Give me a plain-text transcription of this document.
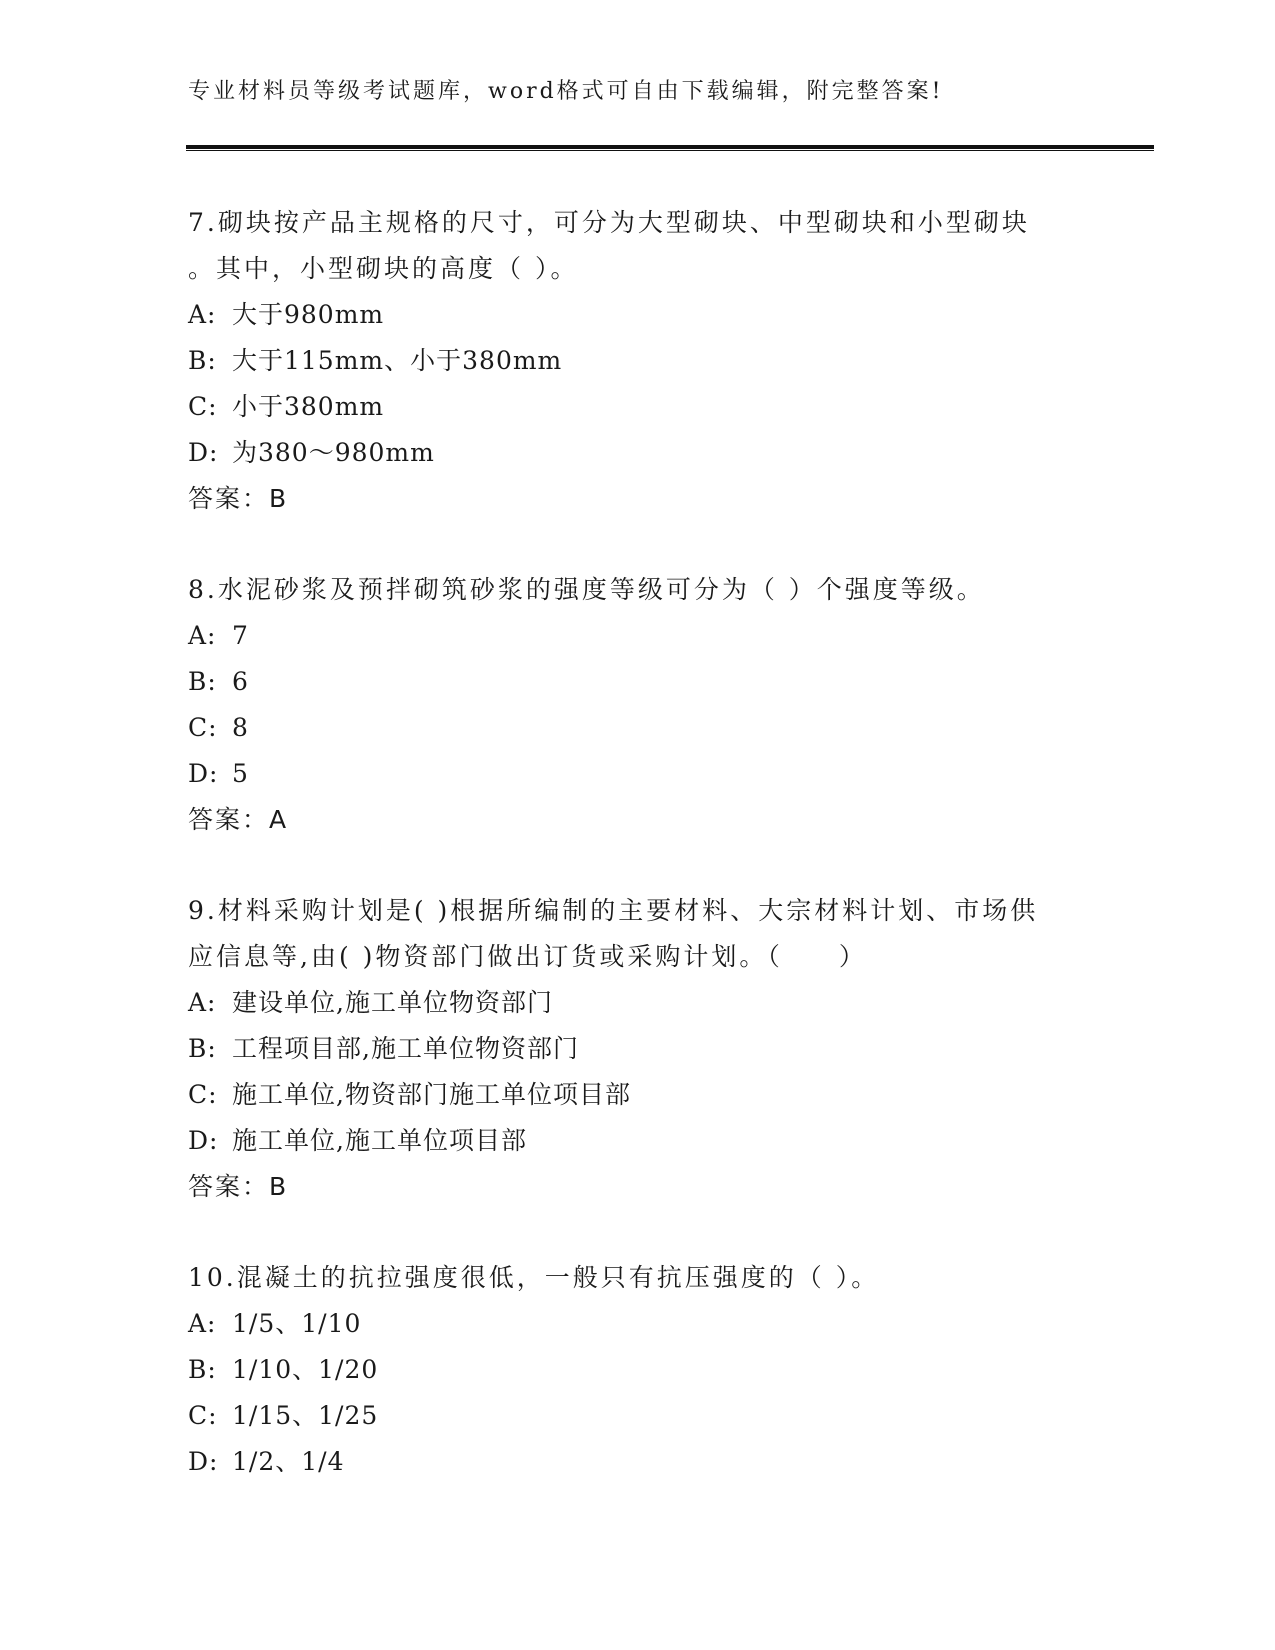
专业材料员等级考试题库，word格式可自由下载编辑，附完整答案!
7.砌块按产品主规格的尺寸，可分为大型砌块、中型砌块和小型砌块
。其中，小型砌块的高度（ ）。
A: 大于980mm
B: 大于115mm、小于380mm
C: 小于380mm
D: 为380～980mm
答案：B
8.水泥砂浆及预拌砌筑砂浆的强度等级可分为（ ）个强度等级。
A: 7
B: 6
C: 8
D: 5
答案：A
9.材料采购计划是( )根据所编制的主要材料、大宗材料计划、市场供
应信息等,由( )物资部门做出订货或采购计划。（　　）
A: 建设单位,施工单位物资部门
B: 工程项目部,施工单位物资部门
C: 施工单位,物资部门施工单位项目部
D: 施工单位,施工单位项目部
答案：B
10.混凝土的抗拉强度很低，一般只有抗压强度的（ ）。
A: 1/5、1/10
B: 1/10、1/20
C: 1/15、1/25
D: 1/2、1/4
